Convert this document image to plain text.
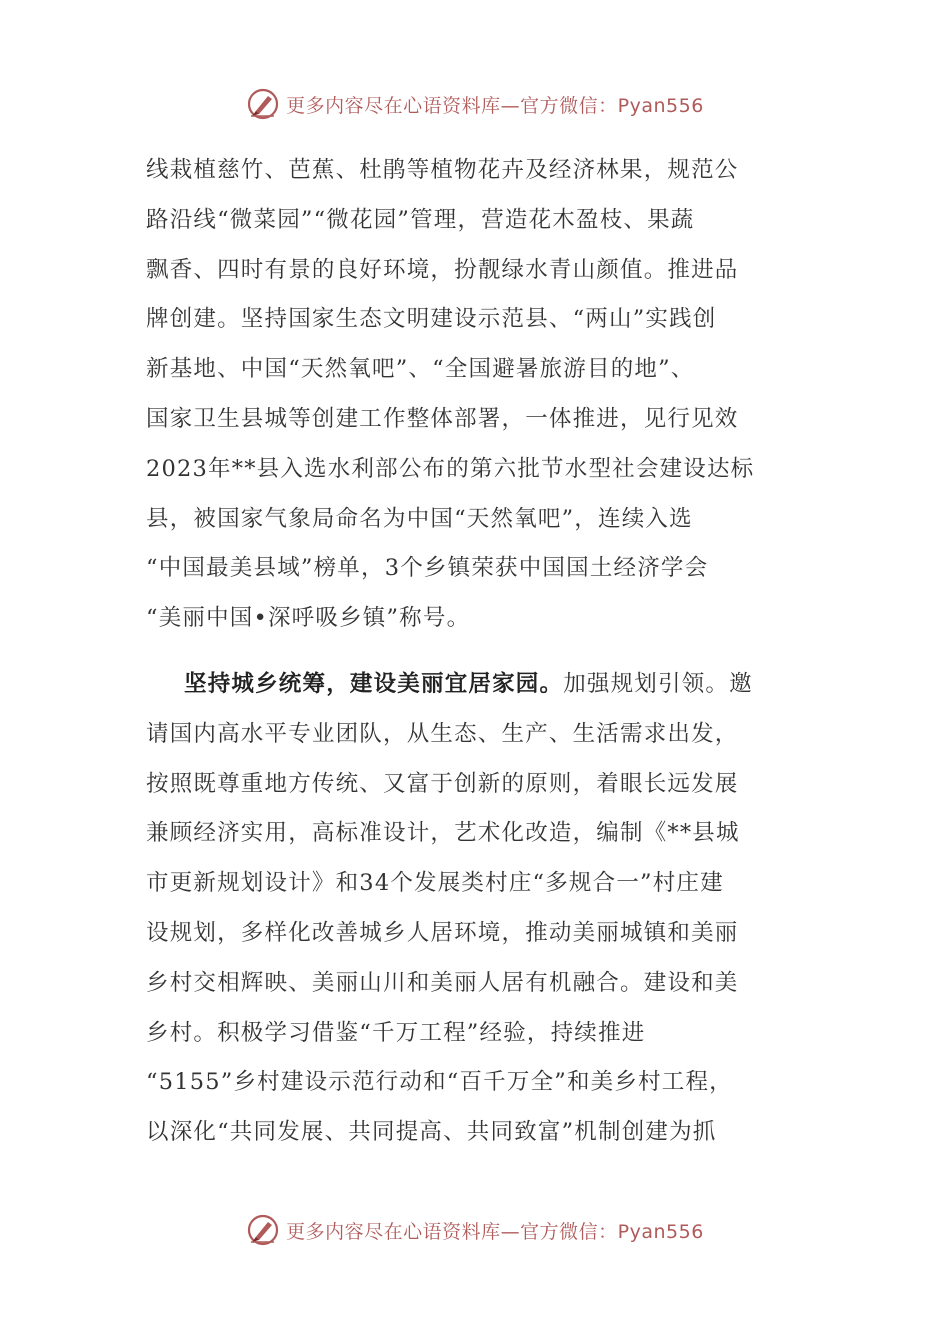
更多内容尽在心语资料库—官方微信：Pyan556

线栽植慈竹、芭蕉、杜鹃等植物花卉及经济林果，规范公

路沿线“微菜园”“微花园”管理，营造花木盈枝、果蔬

飘香、四时有景的良好环境，扮靓绿水青山颜值。推进品

牌创建。坚持国家生态文明建设示范县、“两山”实践创

新基地、中国“天然氧吧”、“全国避暑旅游目的地”、

国家卫生县城等创建工作整体部署，一体推进，见行见效

2023年**县入选水利部公布的第六批节水型社会建设达标

县，被国家气象局命名为中国“天然氧吧”，连续入选

“中国最美县域”榜单，3个乡镇荣获中国国土经济学会

“美丽中国•深呼吸乡镇”称号。

坚持城乡统筹，建设美丽宜居家园。加强规划引领。邀

请国内高水平专业团队，从生态、生产、生活需求出发，

按照既尊重地方传统、又富于创新的原则，着眼长远发展

兼顾经济实用，高标准设计，艺术化改造，编制《**县城

市更新规划设计》和34个发展类村庄“多规合一”村庄建

设规划，多样化改善城乡人居环境，推动美丽城镇和美丽

乡村交相辉映、美丽山川和美丽人居有机融合。建设和美

乡村。积极学习借鉴“千万工程”经验，持续推进

“5155”乡村建设示范行动和“百千万全”和美乡村工程，

以深化“共同发展、共同提高、共同致富”机制创建为抓

更多内容尽在心语资料库—官方微信：Pyan556
